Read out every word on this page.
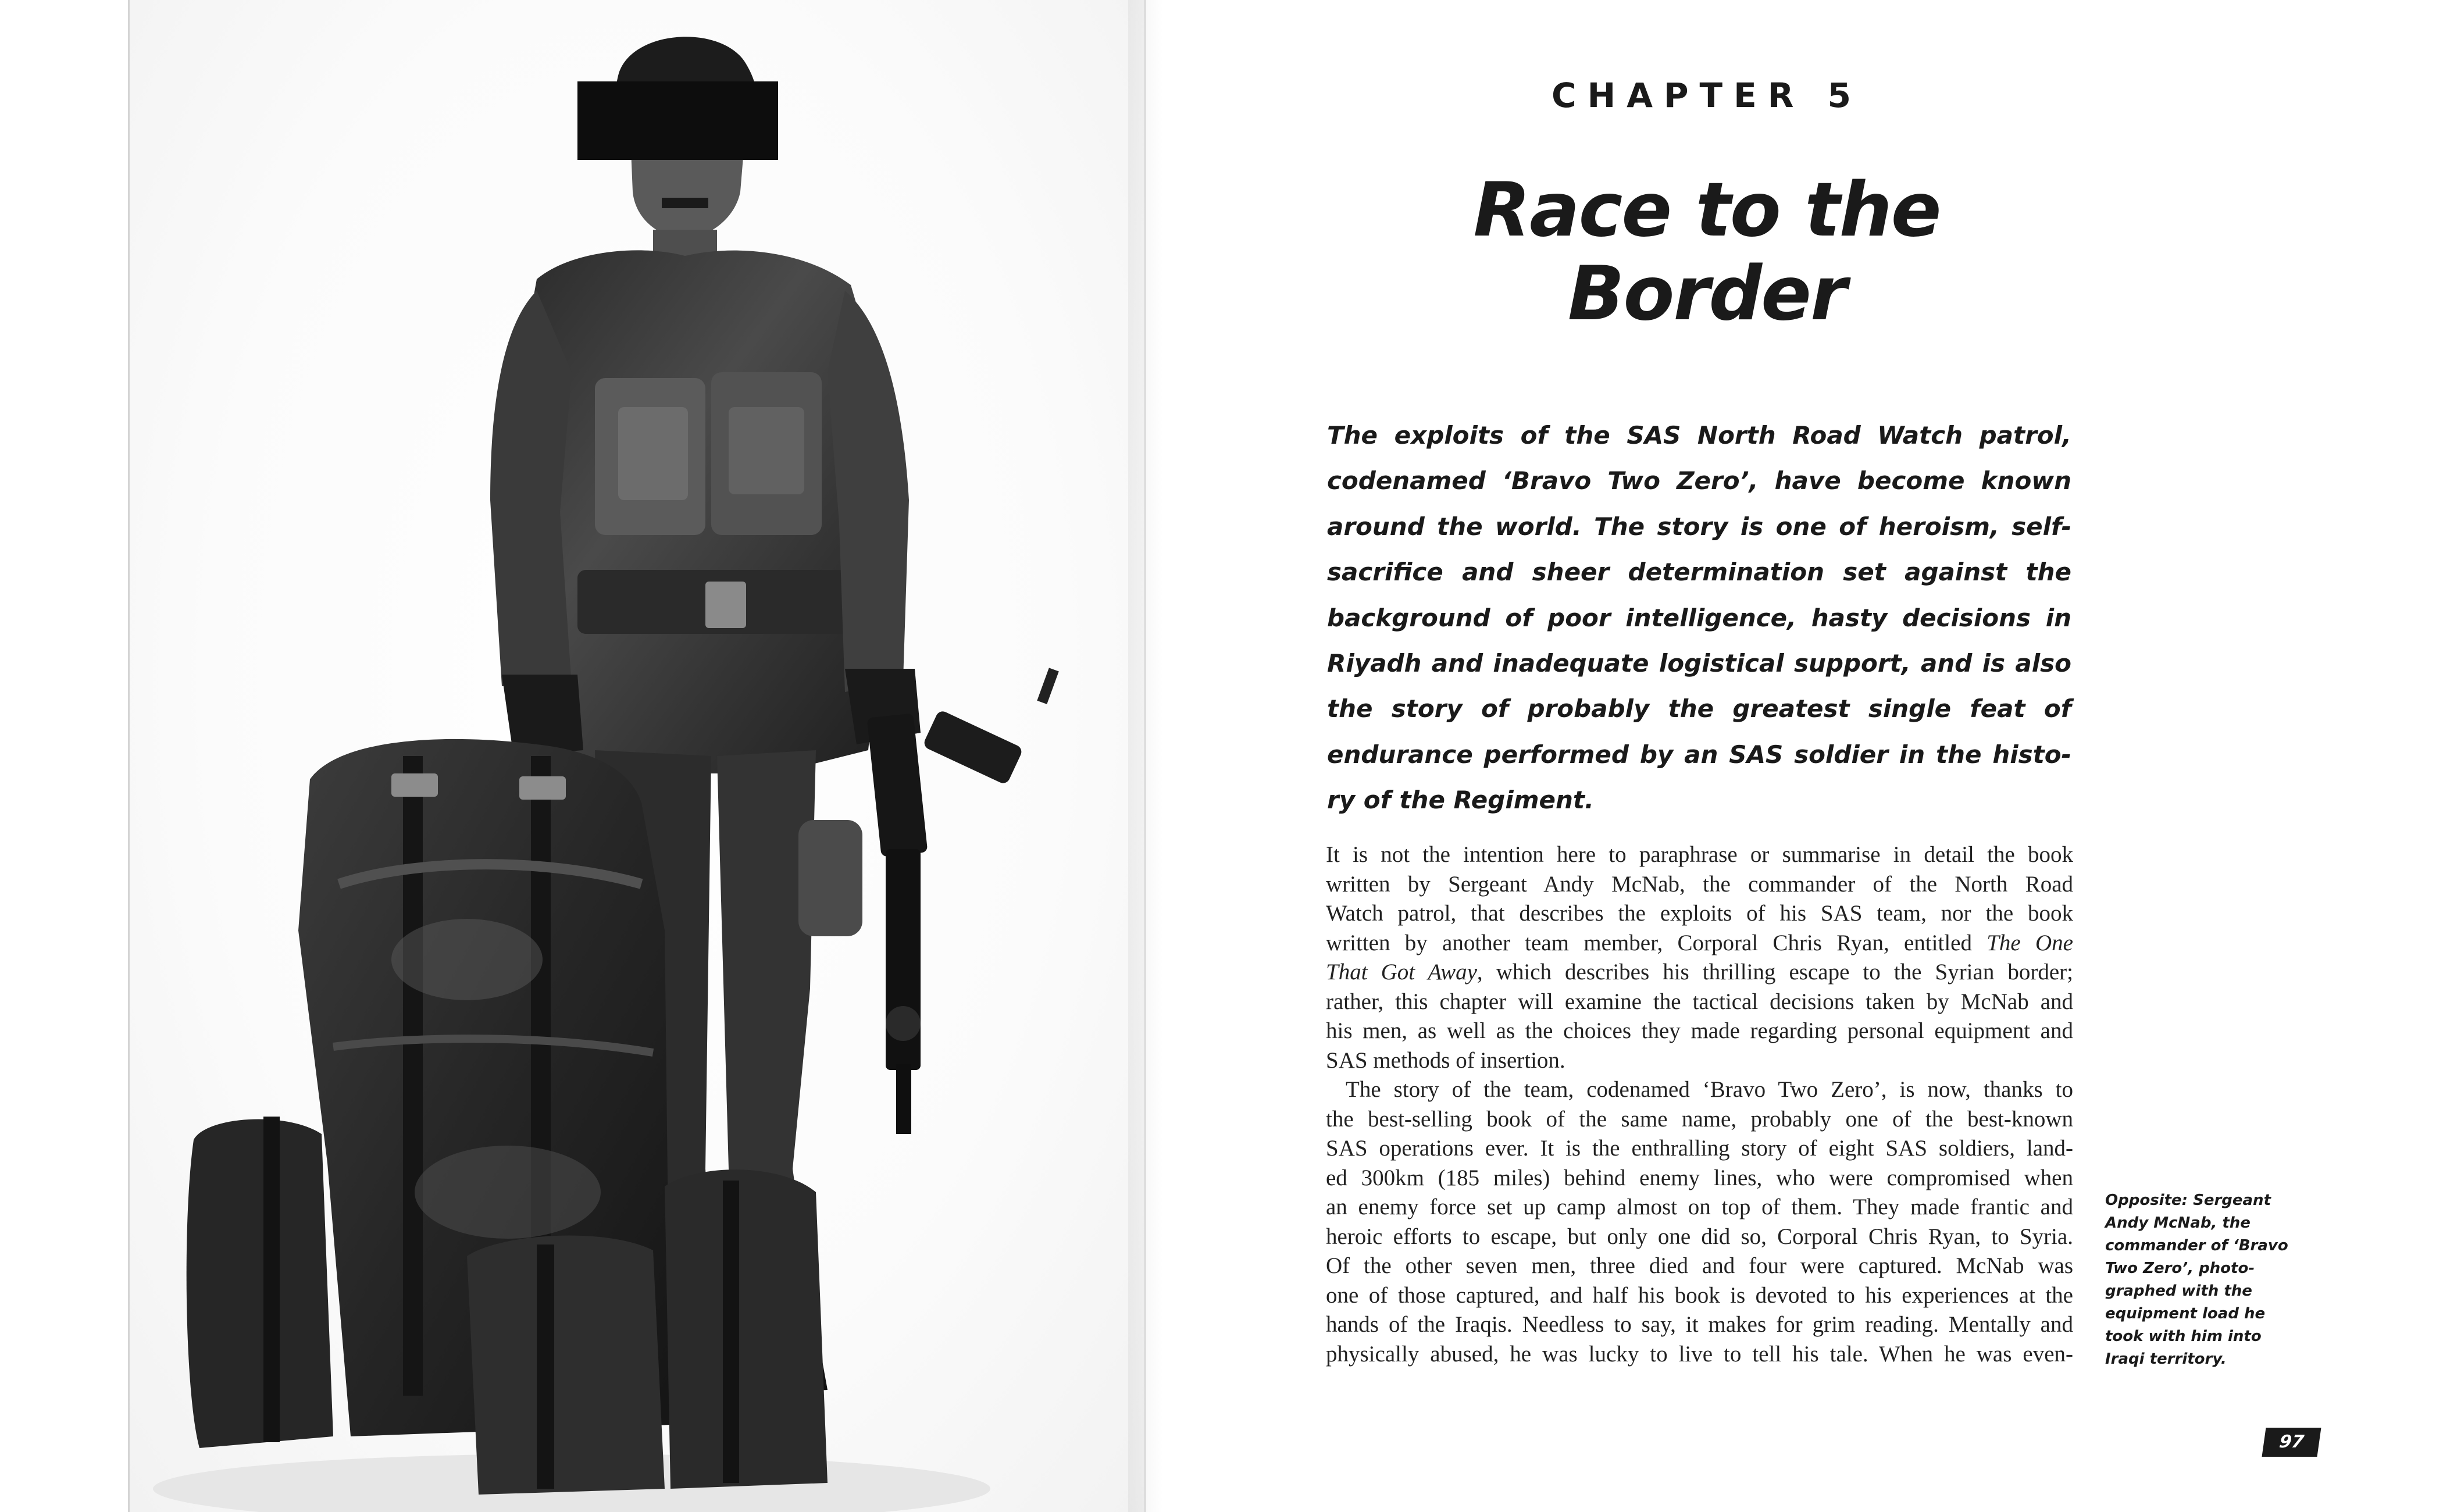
CHAPTER 5
Race to the
Border

The exploits of the SAS North Road Watch patrol, codenamed ‘Bravo Two Zero’, have become known around the world. The story is one of heroism, self- sacrifice and sheer determination set against the background of poor intelligence, hasty decisions in Riyadh and inadequate logistical support, and is also the story of probably the greatest single feat of endurance performed by an SAS soldier in the histo-

ry of the Regiment.

It is not the intention here to paraphrase or summarise in detail the book
written by Sergeant Andy McNab, the commander of the North Road
Watch patrol, that describes the exploits of his SAS team, nor the book
written by another team member, Corporal Chris Ryan, entitled The One
That Got Away, which describes his thrilling escape to the Syrian border;
rather, this chapter will examine the tactical decisions taken by McNab and
his men, as well as the choices they made regarding personal equipment and
SAS methods of insertion.
The story of the team, codenamed ‘Bravo Two Zero’, is now, thanks to
the best-selling book of the same name, probably one of the best-known
SAS operations ever. It is the enthralling story of eight SAS soldiers, land-
ed 300km (185 miles) behind enemy lines, who were compromised when
an enemy force set up camp almost on top of them. They made frantic and
heroic efforts to escape, but only one did so, Corporal Chris Ryan, to Syria.
Of the other seven men, three died and four were captured. McNab was
one of those captured, and half his book is devoted to his experiences at the
hands of the Iraqis. Needless to say, it makes for grim reading. Mentally and
physically abused, he was lucky to live to tell his tale. When he was even-

Opposite: Sergeant
Andy McNab, the
commander of ‘Bravo
Two Zero’, photo-
graphed with the
equipment load he
took with him into
Iraqi territory.

97
